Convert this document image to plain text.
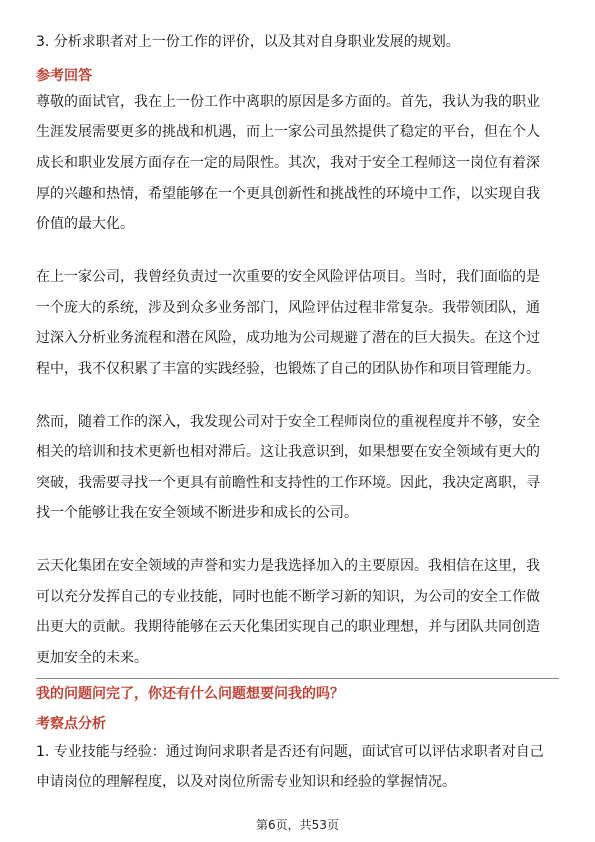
3. 分析求职者对上一份工作的评价，以及其对自身职业发展的规划。
参考回答
尊敬的面试官，我在上一份工作中离职的原因是多方面的。首先，我认为我的职业
生涯发展需要更多的挑战和机遇，而上一家公司虽然提供了稳定的平台，但在个人
成长和职业发展方面存在一定的局限性。其次，我对于安全工程师这一岗位有着深
厚的兴趣和热情，希望能够在一个更具创新性和挑战性的环境中工作，以实现自我
价值的最大化。
在上一家公司，我曾经负责过一次重要的安全风险评估项目。当时，我们面临的是
一个庞大的系统，涉及到众多业务部门，风险评估过程非常复杂。我带领团队，通
过深入分析业务流程和潜在风险，成功地为公司规避了潜在的巨大损失。在这个过
程中，我不仅积累了丰富的实践经验，也锻炼了自己的团队协作和项目管理能力。
然而，随着工作的深入，我发现公司对于安全工程师岗位的重视程度并不够，安全
相关的培训和技术更新也相对滞后。这让我意识到，如果想要在安全领域有更大的
突破，我需要寻找一个更具有前瞻性和支持性的工作环境。因此，我决定离职，寻
找一个能够让我在安全领域不断进步和成长的公司。
云天化集团在安全领域的声誉和实力是我选择加入的主要原因。我相信在这里，我
可以充分发挥自己的专业技能，同时也能不断学习新的知识，为公司的安全工作做
出更大的贡献。我期待能够在云天化集团实现自己的职业理想，并与团队共同创造
更加安全的未来。
我的问题问完了，你还有什么问题想要问我的吗？
考察点分析
1. 专业技能与经验：通过询问求职者是否还有问题，面试官可以评估求职者对自己
申请岗位的理解程度，以及对岗位所需专业知识和经验的掌握情况。
第6页，共53页
